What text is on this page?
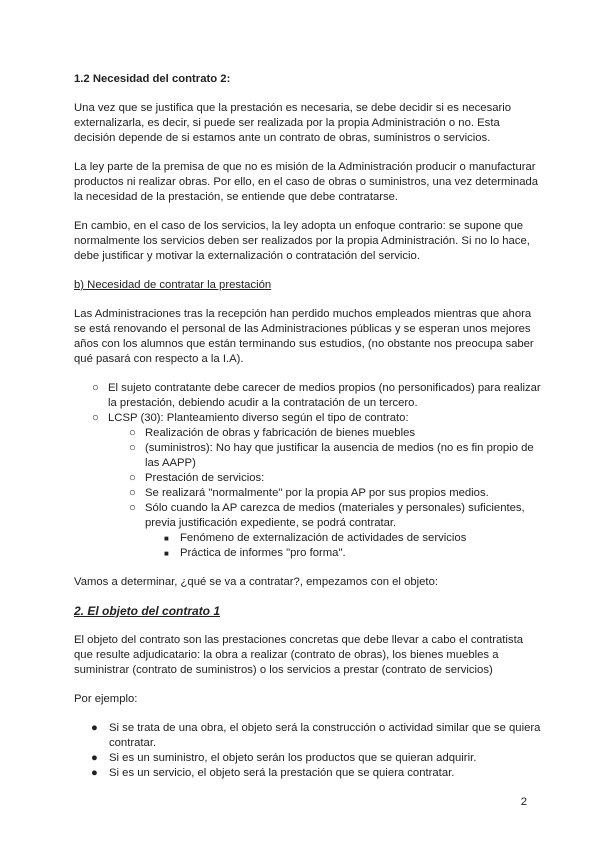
1.2 Necesidad del contrato 2:

Una vez que se justifica que la prestación es necesaria, se debe decidir si es necesario externalizarla, es decir, si puede ser realizada por la propia Administración o no. Esta decisión depende de si estamos ante un contrato de obras, suministros o servicios.

La ley parte de la premisa de que no es misión de la Administración producir o manufacturar productos ni realizar obras. Por ello, en el caso de obras o suministros, una vez determinada la necesidad de la prestación, se entiende que debe contratarse.

En cambio, en el caso de los servicios, la ley adopta un enfoque contrario: se supone que normalmente los servicios deben ser realizados por la propia Administración. Si no lo hace, debe justificar y motivar la externalización o contratación del servicio.

b) Necesidad de contratar la prestación

Las Administraciones tras la recepción han perdido muchos empleados mientras que ahora se está renovando el personal de las Administraciones públicas y se esperan unos mejores años con los alumnos que están terminando sus estudios, (no obstante nos preocupa saber qué pasará con respecto a la I.A).

○ El sujeto contratante debe carecer de medios propios (no personificados) para realizar la prestación, debiendo acudir a la contratación de un tercero.
○ LCSP (30): Planteamiento diverso según el tipo de contrato:
○ Realización de obras y fabricación de bienes muebles
○ (suministros): No hay que justificar la ausencia de medios (no es fin propio de las AAPP)
○ Prestación de servicios:
○ Se realizará "normalmente" por la propia AP por sus propios medios.
○ Sólo cuando la AP carezca de medios (materiales y personales) suficientes, previa justificación expediente, se podrá contratar.
■ Fenómeno de externalización de actividades de servicios
■ Práctica de informes "pro forma".

Vamos a determinar, ¿qué se va a contratar?, empezamos con el objeto:

2. El objeto del contrato 1

El objeto del contrato son las prestaciones concretas que debe llevar a cabo el contratista que resulte adjudicatario: la obra a realizar (contrato de obras), los bienes muebles a suministrar (contrato de suministros) o los servicios a prestar (contrato de servicios)

Por ejemplo:

● Si se trata de una obra, el objeto será la construcción o actividad similar que se quiera contratar.
● Si es un suministro, el objeto serán los productos que se quieran adquirir.
● Si es un servicio, el objeto será la prestación que se quiera contratar.
2
